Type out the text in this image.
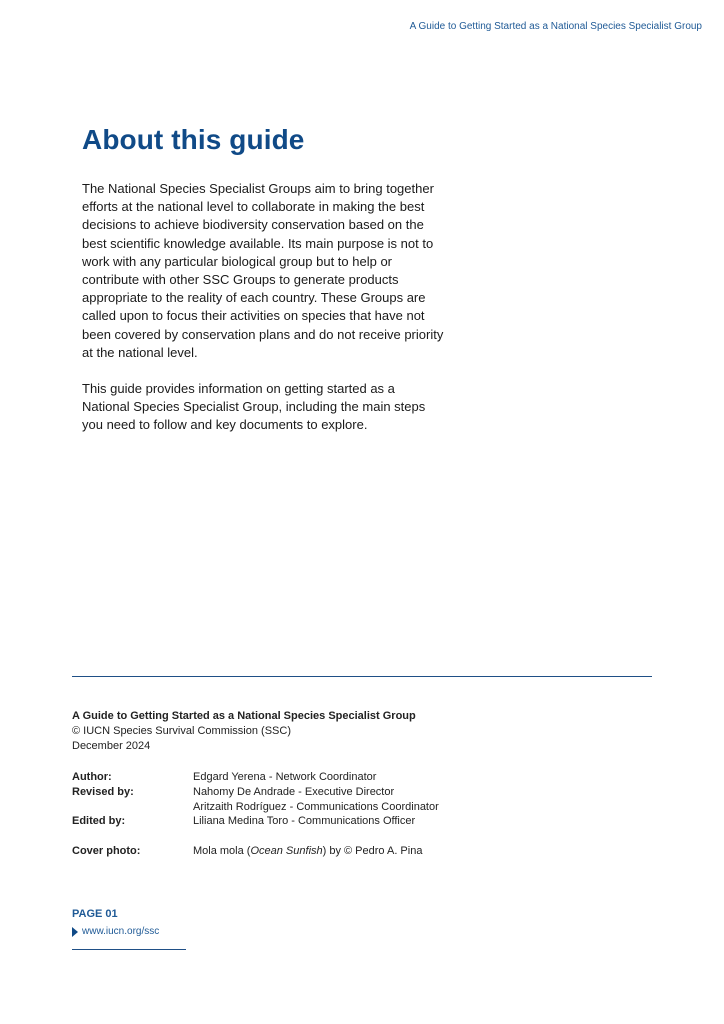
A Guide to Getting Started as a National Species Specialist Group
About this guide

The National Species Specialist Groups aim to bring together efforts at the national level to collaborate in making the best decisions to achieve biodiversity conservation based on the best scientific knowledge available. Its main purpose is not to work with any particular biological group but to help or contribute with other SSC Groups to generate products appropriate to the reality of each country. These Groups are called upon to focus their activities on species that have not been covered by conservation plans and do not receive priority at the national level.

This guide provides information on getting started as a National Species Specialist Group, including the main steps you need to follow and key documents to explore.

A Guide to Getting Started as a National Species Specialist Group
© IUCN Species Survival Commission (SSC)
December 2024
Author:	Edgard Yerena - Network Coordinator
Revised by:	Nahomy De Andrade - Executive Director
Aritzaith Rodríguez - Communications Coordinator
Edited by:	Liliana Medina Toro - Communications Officer
Cover photo:	Mola mola (Ocean Sunfish) by © Pedro A. Pina
PAGE 01
www.iucn.org/ssc
